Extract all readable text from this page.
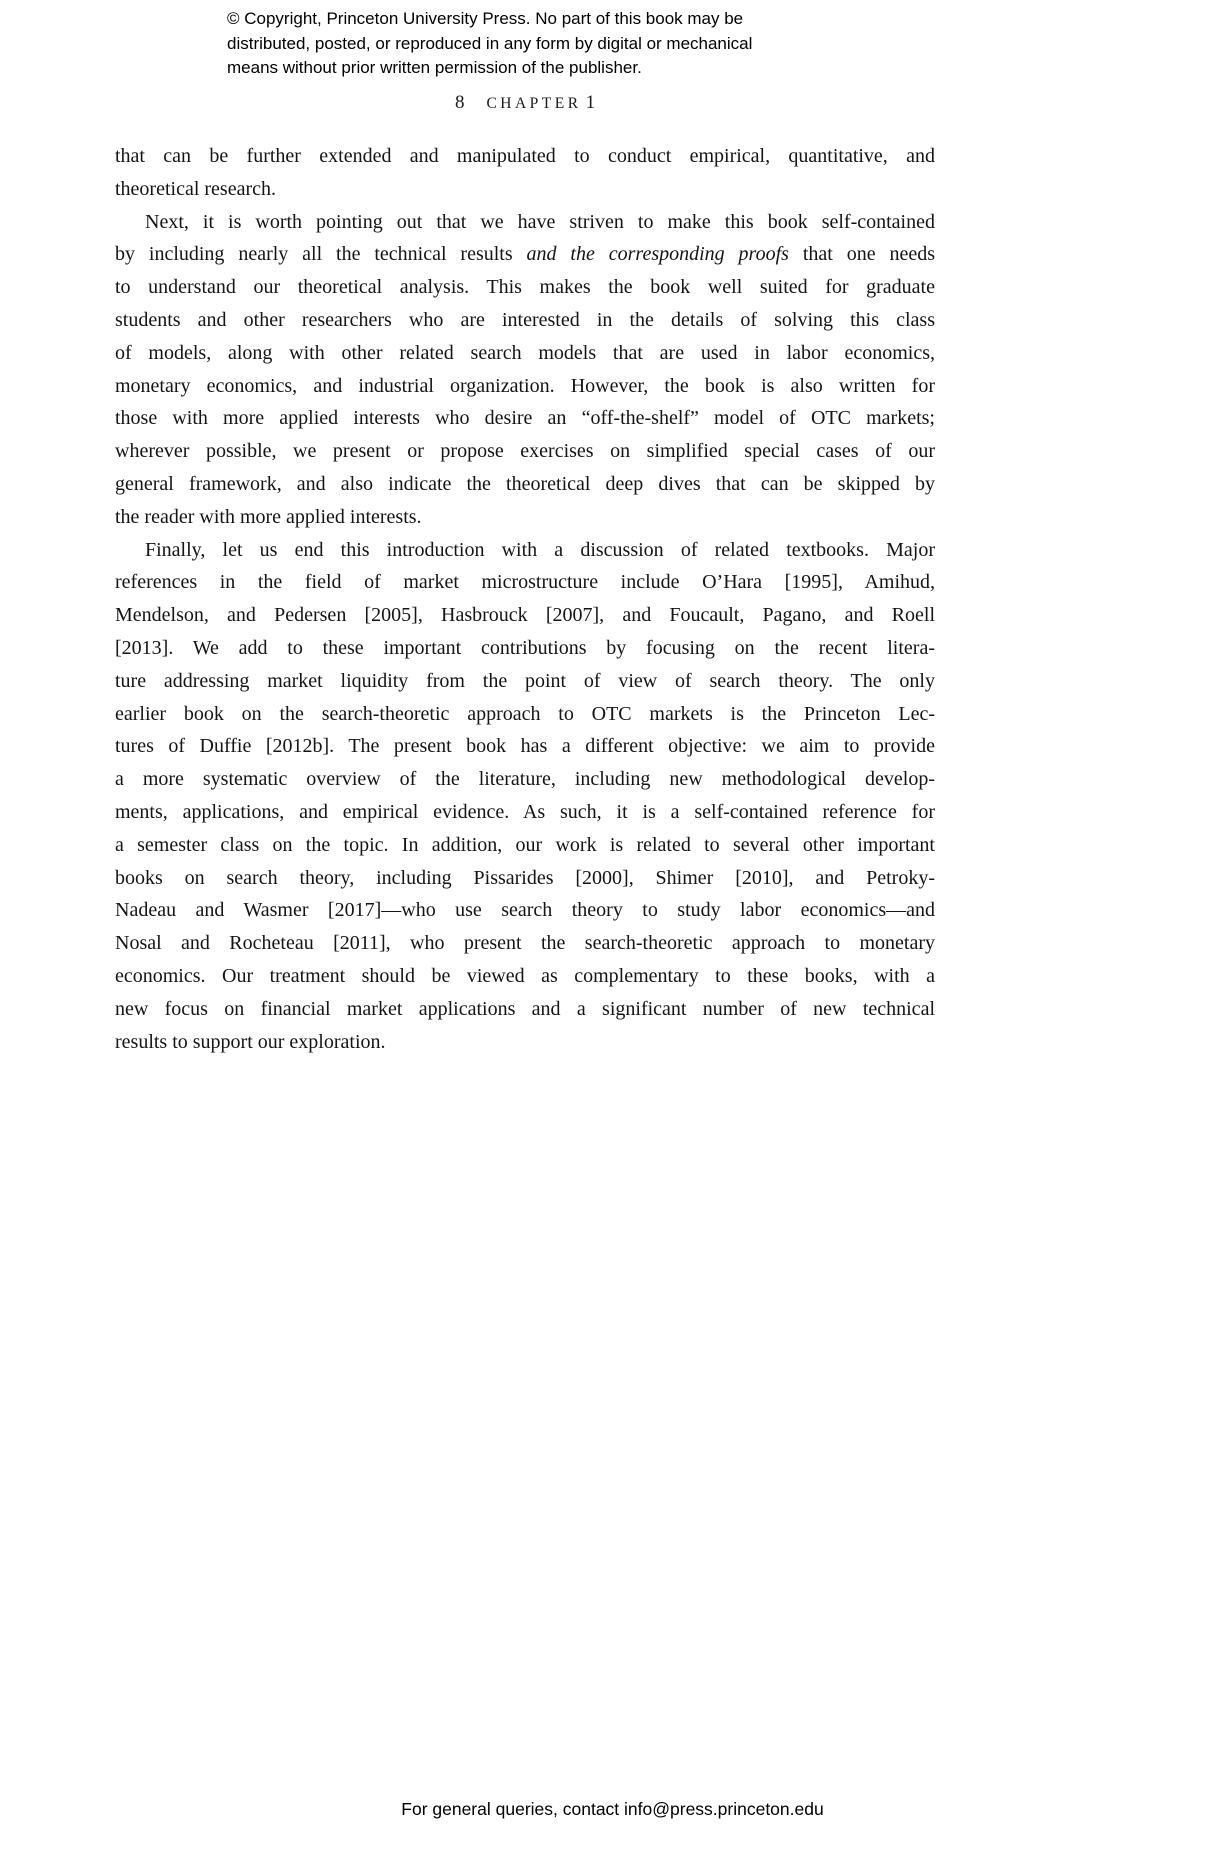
© Copyright, Princeton University Press. No part of this book may be
distributed, posted, or reproduced in any form by digital or mechanical
means without prior written permission of the publisher.
8 CHAPTER 1
that can be further extended and manipulated to conduct empirical, quantitative, and
theoretical research.
Next, it is worth pointing out that we have striven to make this book self-contained
by including nearly all the technical results and the corresponding proofs that one needs
to understand our theoretical analysis. This makes the book well suited for graduate
students and other researchers who are interested in the details of solving this class
of models, along with other related search models that are used in labor economics,
monetary economics, and industrial organization. However, the book is also written for
those with more applied interests who desire an “off-the-shelf” model of OTC markets;
wherever possible, we present or propose exercises on simplified special cases of our
general framework, and also indicate the theoretical deep dives that can be skipped by
the reader with more applied interests.
Finally, let us end this introduction with a discussion of related textbooks. Major
references in the field of market microstructure include O’Hara [1995], Amihud,
Mendelson, and Pedersen [2005], Hasbrouck [2007], and Foucault, Pagano, and Roell
[2013]. We add to these important contributions by focusing on the recent litera-
ture addressing market liquidity from the point of view of search theory. The only
earlier book on the search-theoretic approach to OTC markets is the Princeton Lec-
tures of Duffie [2012b]. The present book has a different objective: we aim to provide
a more systematic overview of the literature, including new methodological develop-
ments, applications, and empirical evidence. As such, it is a self-contained reference for
a semester class on the topic. In addition, our work is related to several other important
books on search theory, including Pissarides [2000], Shimer [2010], and Petroky-
Nadeau and Wasmer [2017]—who use search theory to study labor economics—and
Nosal and Rocheteau [2011], who present the search-theoretic approach to monetary
economics. Our treatment should be viewed as complementary to these books, with a
new focus on financial market applications and a significant number of new technical
results to support our exploration.
For general queries, contact info@press.princeton.edu
